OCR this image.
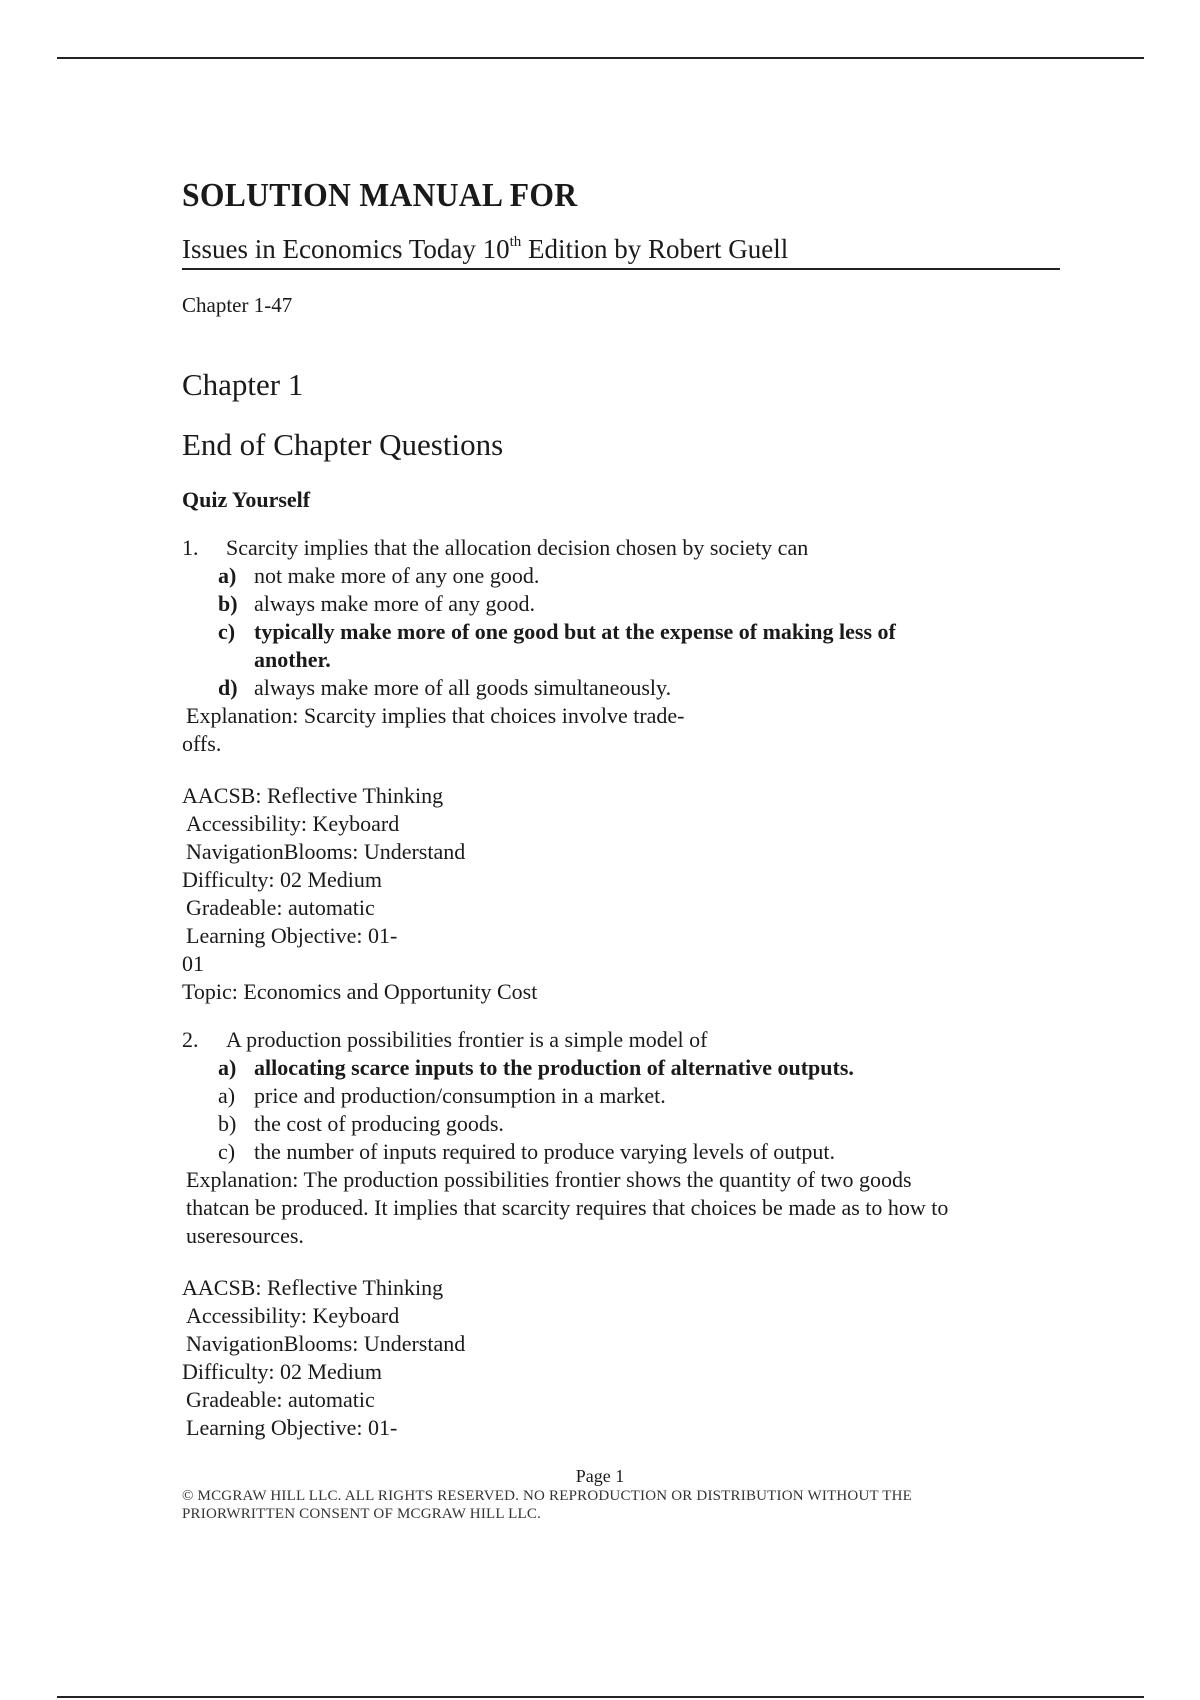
SOLUTION MANUAL FOR
Issues in Economics Today 10th Edition by Robert Guell
Chapter 1-47
Chapter 1
End of Chapter Questions
Quiz Yourself
1.	Scarcity implies that the allocation decision chosen by society can
a) not make more of any one good.
b) always make more of any good.
c) typically make more of one good but at the expense of making less of another.
d) always make more of all goods simultaneously.
Explanation: Scarcity implies that choices involve trade-
offs.
AACSB: Reflective Thinking
Accessibility: Keyboard
NavigationBlooms: Understand
Difficulty: 02 Medium
Gradeable: automatic
Learning Objective: 01-
01
Topic: Economics and Opportunity Cost
2.	A production possibilities frontier is a simple model of
a) allocating scarce inputs to the production of alternative outputs.
a) price and production/consumption in a market.
b) the cost of producing goods.
c) the number of inputs required to produce varying levels of output.
Explanation: The production possibilities frontier shows the quantity of two goods
thatcan be produced. It implies that scarcity requires that choices be made as to how to
useresources.
AACSB: Reflective Thinking
Accessibility: Keyboard
NavigationBlooms: Understand
Difficulty: 02 Medium
Gradeable: automatic
Learning Objective: 01-
Page 1
© MCGRAW HILL LLC. ALL RIGHTS RESERVED. NO REPRODUCTION OR DISTRIBUTION WITHOUT THE
PRIORWRITTEN CONSENT OF MCGRAW HILL LLC.
